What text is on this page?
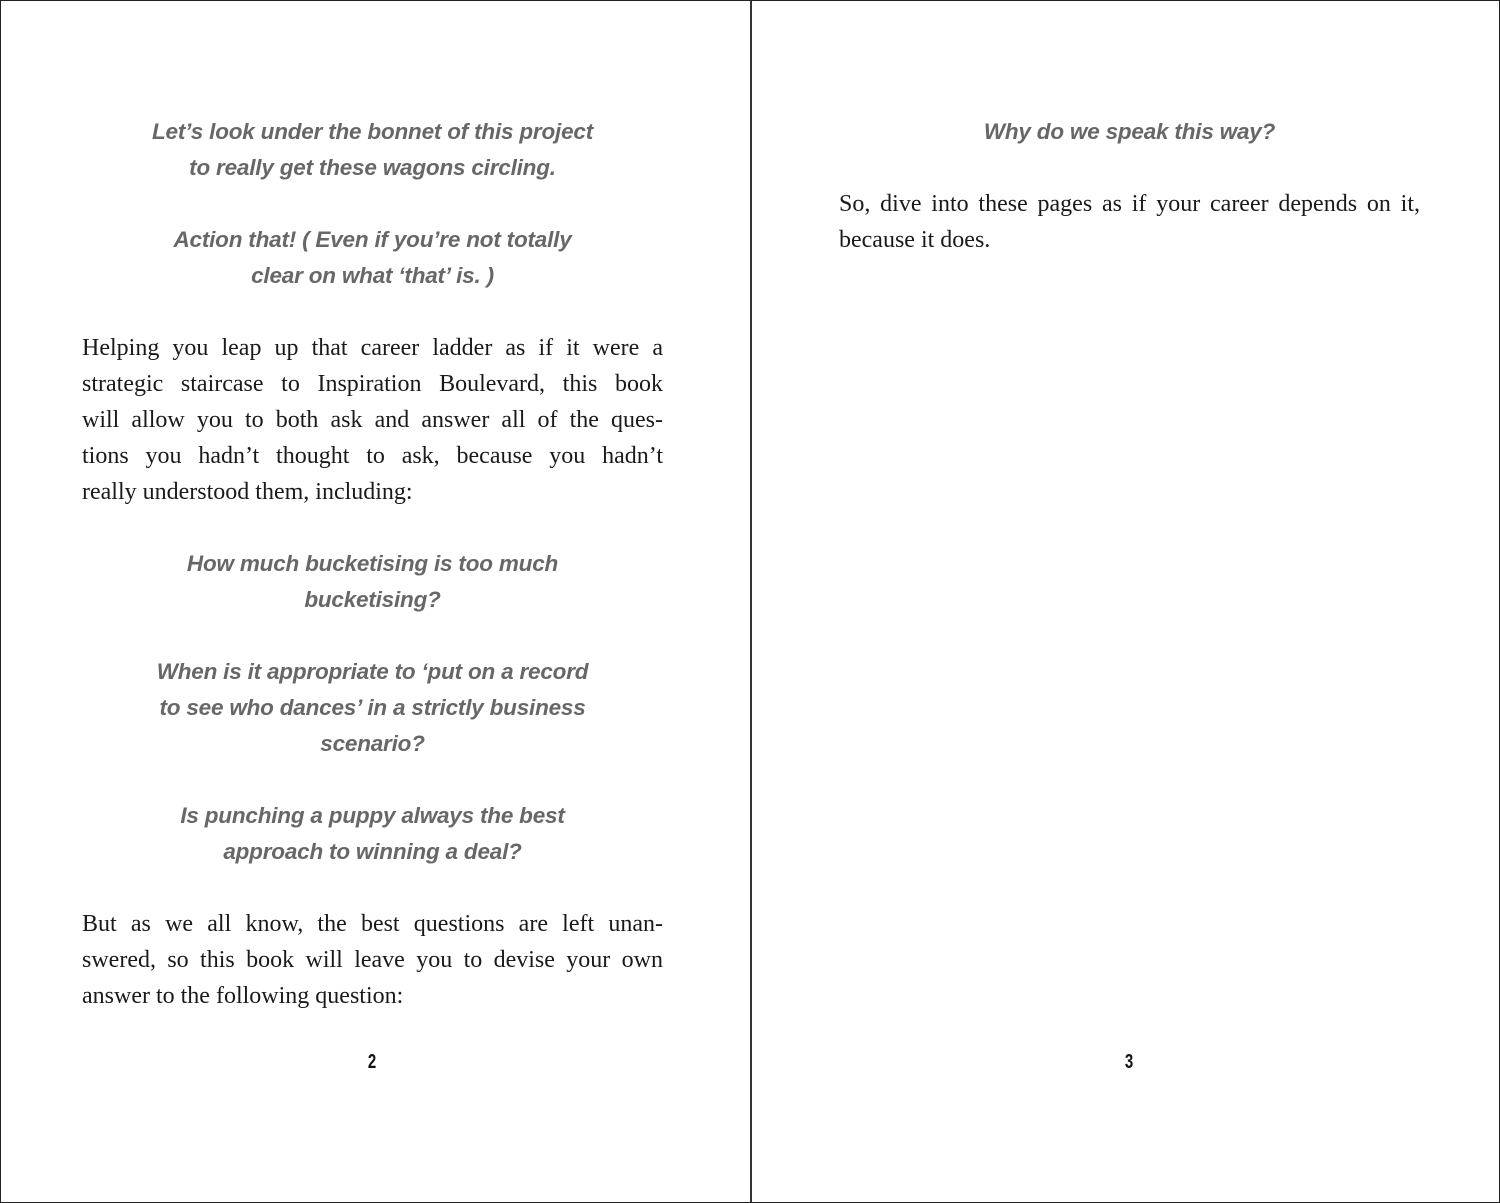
Let’s look under the bonnet of this project
to really get these wagons circling.
Action that! ( Even if you’re not totally
clear on what ‘that’ is. )
Helping you leap up that career ladder as if it were a
strategic staircase to Inspiration Boulevard, this book
will allow you to both ask and answer all of the ques-
tions you hadn’t thought to ask, because you hadn’t
really understood them, including:
How much bucketising is too much
bucketising?
When is it appropriate to ‘put on a record
to see who dances’ in a strictly business
scenario?
Is punching a puppy always the best
approach to winning a deal?
But as we all know, the best questions are left unan-
swered, so this book will leave you to devise your own
answer to the following question:
Why do we speak this way?
So, dive into these pages as if your career depends on it,
because it does.
2	3
